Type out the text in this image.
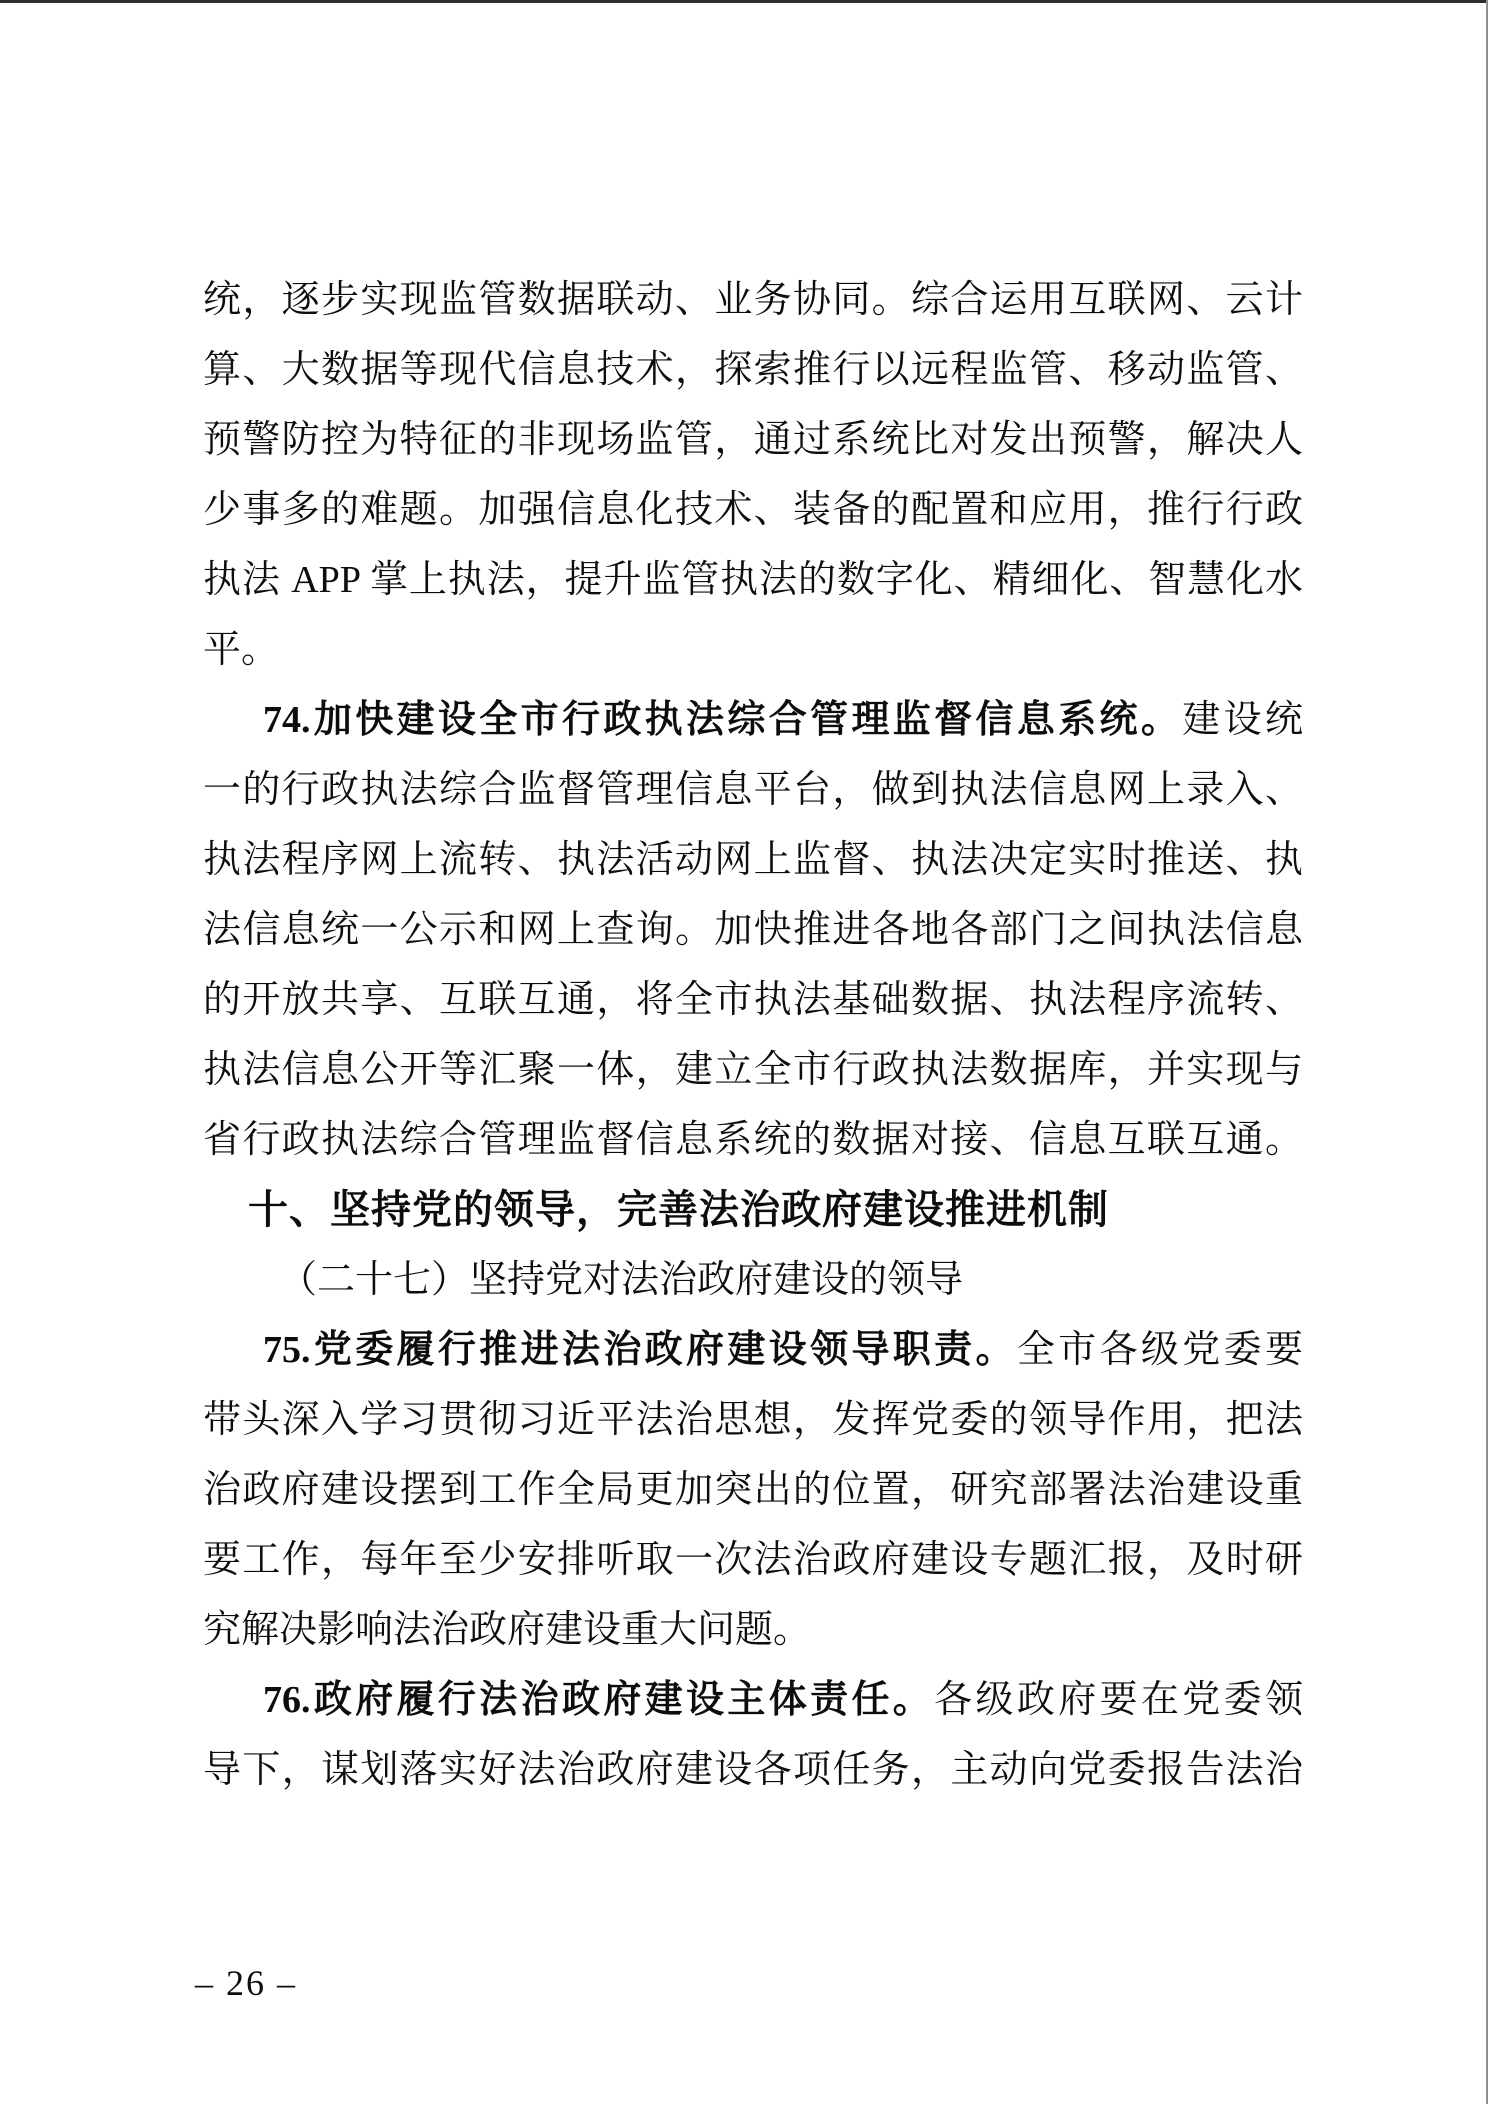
统，逐步实现监管数据联动、业务协同。综合运用互联网、云计
算、大数据等现代信息技术，探索推行以远程监管、移动监管、
预警防控为特征的非现场监管，通过系统比对发出预警，解决人
少事多的难题。加强信息化技术、装备的配置和应用，推行行政
执法 APP 掌上执法，提升监管执法的数字化、精细化、智慧化水
平。
74.加快建设全市行政执法综合管理监督信息系统。建设统
一的行政执法综合监督管理信息平台，做到执法信息网上录入、
执法程序网上流转、执法活动网上监督、执法决定实时推送、执
法信息统一公示和网上查询。加快推进各地各部门之间执法信息
的开放共享、互联互通，将全市执法基础数据、执法程序流转、
执法信息公开等汇聚一体，建立全市行政执法数据库，并实现与
省行政执法综合管理监督信息系统的数据对接、信息互联互通。
十、坚持党的领导，完善法治政府建设推进机制
（二十七）坚持党对法治政府建设的领导
75.党委履行推进法治政府建设领导职责。全市各级党委要
带头深入学习贯彻习近平法治思想，发挥党委的领导作用，把法
治政府建设摆到工作全局更加突出的位置，研究部署法治建设重
要工作，每年至少安排听取一次法治政府建设专题汇报，及时研
究解决影响法治政府建设重大问题。
76.政府履行法治政府建设主体责任。各级政府要在党委领
导下，谋划落实好法治政府建设各项任务，主动向党委报告法治
– 26 –
